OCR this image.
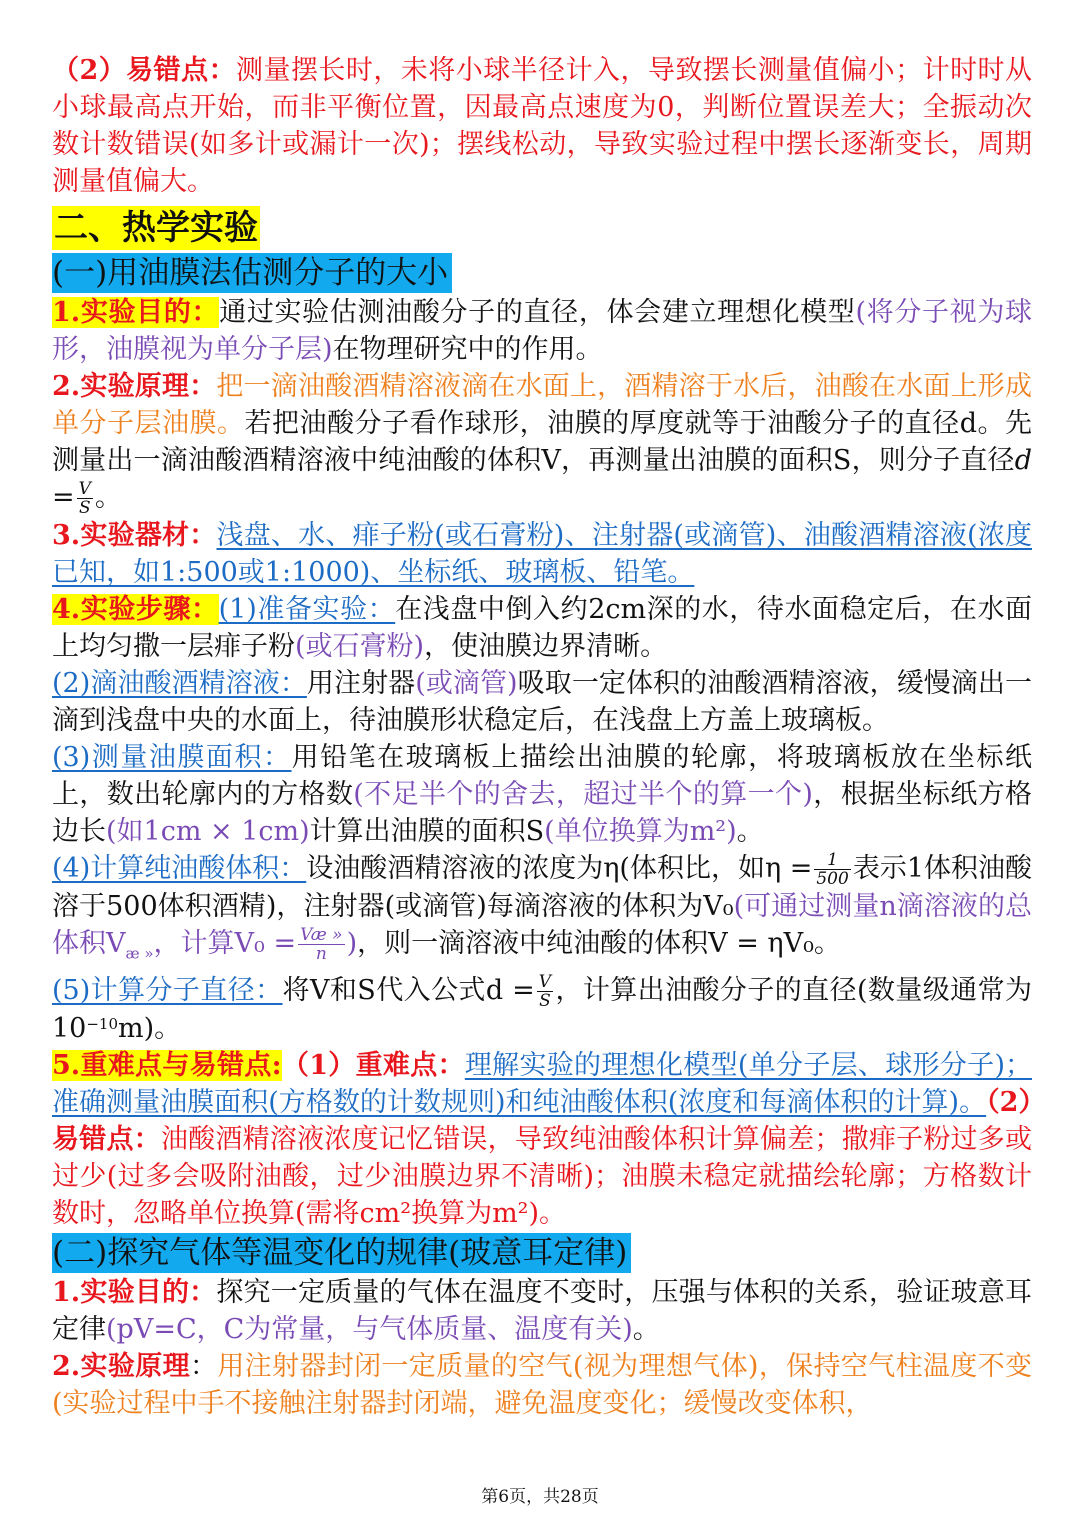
（2）易错点：测量摆长时，未将小球半径计入，导致摆长测量值偏小；计时时从小球最高点开始，而非平衡位置，因最高点速度为0，判断位置误差大；全振动次数计数错误(如多计或漏计一次)；摆线松动，导致实验过程中摆长逐渐变长，周期测量值偏大。

二、热学实验
(一)用油膜法估测分子的大小

1.实验目的：通过实验估测油酸分子的直径，体会建立理想化模型(将分子视为球形，油膜视为单分子层)在物理研究中的作用。

2.实验原理：把一滴油酸酒精溶液滴在水面上，酒精溶于水后，油酸在水面上形成单分子层油膜。若把油酸分子看作球形，油膜的厚度就等于油酸分子的直径d。先测量出一滴油酸酒精溶液中纯油酸的体积V，再测量出油膜的面积S，则分子直径$d = \frac{V}{S}$ 。

3.实验器材：浅盘、水、痱子粉(或石膏粉)、注射器(或滴管)、油酸酒精溶液(浓度已知，如1:500或1:1000)、坐标纸、玻璃板、铅笔。

4.实验步骤：(1)准备实验：在浅盘中倒入约2cm深的水，待水面稳定后，在水面上均匀撒一层痱子粉(或石膏粉)，使油膜边界清晰。

(2)滴油酸酒精溶液：用注射器(或滴管)吸取一定体积的油酸酒精溶液，缓慢滴出一滴到浅盘中央的水面上，待油膜形状稳定后，在浅盘上方盖上玻璃板。

(3)测量油膜面积：用铅笔在玻璃板上描绘出油膜的轮廓，将玻璃板放在坐标纸上，数出轮廓内的方格数(不足半个的舍去，超过半个的算一个)，根据坐标纸方格边长(如1cm × 1cm)计算出油膜的面积S(单位换算为m²)。

(4)计算纯油酸体积：设油酸酒精溶液的浓度为η(体积比，如$\eta = \frac{1}{500}$ 表示1体积油酸溶于500体积酒精)，注射器(或滴管)每滴溶液的体积为V₀(可通过测量n滴溶液的总体积$V_{æ »}$，计算$V_0 = \frac{Væ »}{n}$ )，则一滴溶液中纯油酸的体积V = ηV₀。

(5)计算分子直径：将V和S代入公式$d = \frac{V}{S}$ ，计算出油酸分子的直径(数量级通常为$10^{-10}m$)。

5.重难点与易错点:（1）重难点：理解实验的理想化模型(单分子层、球形分子)；准确测量油膜面积(方格数的计数规则)和纯油酸体积(浓度和每滴体积的计算)。（2）易错点：油酸酒精溶液浓度记忆错误，导致纯油酸体积计算偏差；撒痱子粉过多或过少(过多会吸附油酸，过少油膜边界不清晰)；油膜未稳定就描绘轮廓；方格数计数时，忽略单位换算(需将cm²换算为m²)。

(二)探究气体等温变化的规律(玻意耳定律)

1.实验目的：探究一定质量的气体在温度不变时，压强与体积的关系，验证玻意耳定律(pV=C，C为常量，与气体质量、温度有关)。

2.实验原理：用注射器封闭一定质量的空气(视为理想气体)，保持空气柱温度不变(实验过程中手不接触注射器封闭端，避免温度变化；缓慢改变体积，

第6页，共28页
